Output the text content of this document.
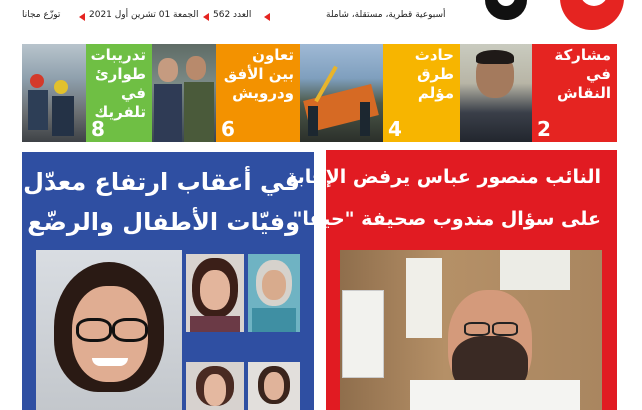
أسبوعية قطرية، مستقلة، شاملة
العدد 562
الجمعة 01 تشرين أول 2021
توزّع مجانا
مشاركة
في
النقاش
2
حادث
طرق
مؤلم
4
تعاون
بين الأفق
ودرويش
6
تدريبات
طوارئ
في تلفريك
8
في أعقاب ارتفاع معدّل
وفيّات الأطفال والرضّع
النائب منصور عباس يرفض الإجابة
على سؤال مندوب صحيفة "حيفا"
